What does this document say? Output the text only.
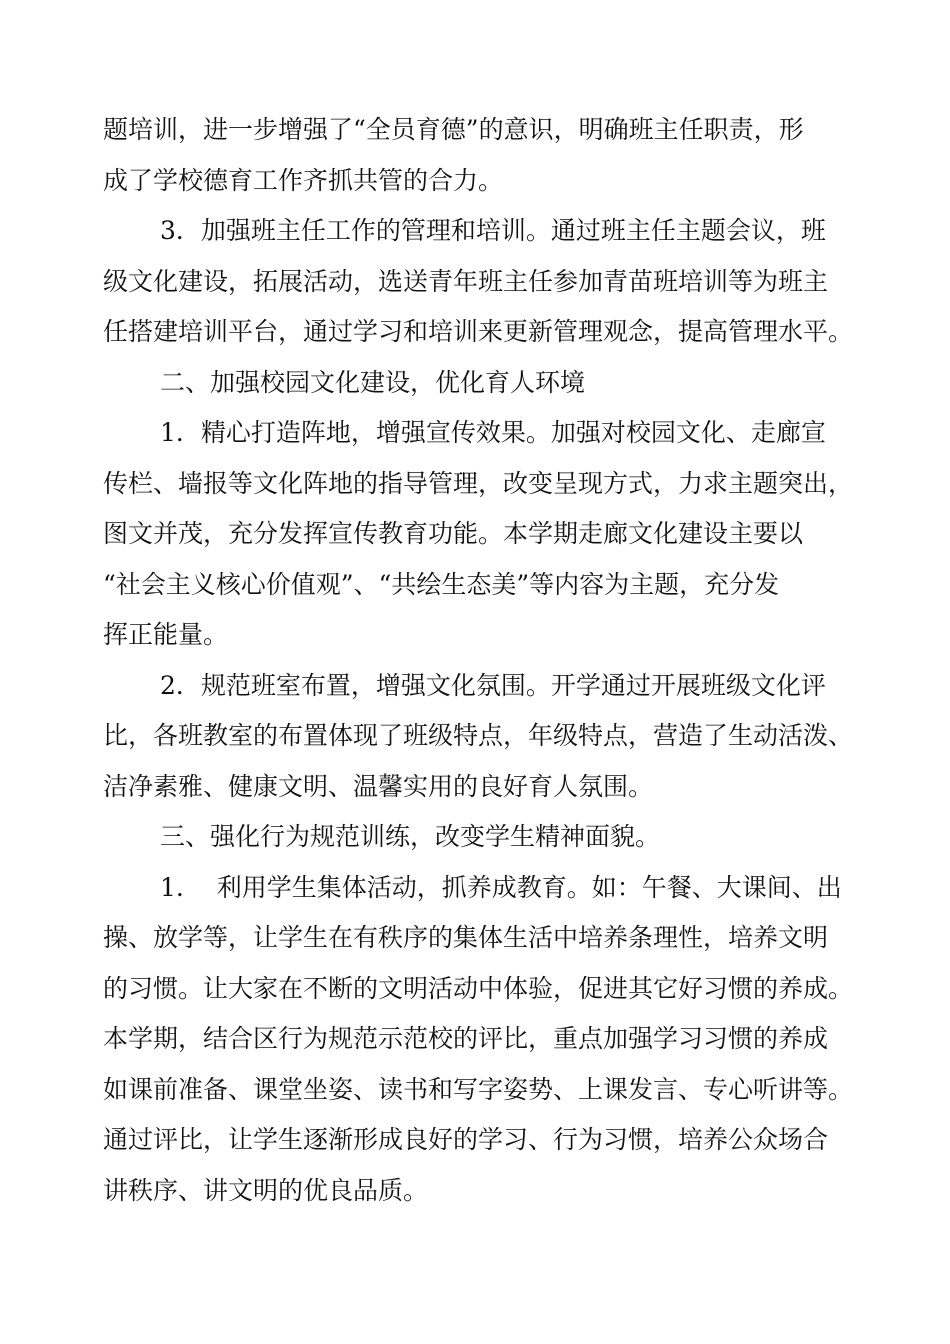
题培训，进一步增强了“全员育德”的意识，明确班主任职责，形
成了学校德育工作齐抓共管的合力。
3．加强班主任工作的管理和培训。通过班主任主题会议，班
级文化建设，拓展活动，选送青年班主任参加青苗班培训等为班主
任搭建培训平台，通过学习和培训来更新管理观念，提高管理水平。
二、加强校园文化建设，优化育人环境
1．精心打造阵地，增强宣传效果。加强对校园文化、走廊宣
传栏、墙报等文化阵地的指导管理，改变呈现方式，力求主题突出，
图文并茂，充分发挥宣传教育功能。本学期走廊文化建设主要以
“社会主义核心价值观”、“共绘生态美”等内容为主题，充分发
挥正能量。
2．规范班室布置，增强文化氛围。开学通过开展班级文化评
比，各班教室的布置体现了班级特点，年级特点，营造了生动活泼、
洁净素雅、健康文明、温馨实用的良好育人氛围。
三、强化行为规范训练，改变学生精神面貌。
1.　 利用学生集体活动，抓养成教育。如：午餐、大课间、出
操、放学等，让学生在有秩序的集体生活中培养条理性，培养文明
的习惯。让大家在不断的文明活动中体验，促进其它好习惯的养成。
本学期，结合区行为规范示范校的评比，重点加强学习习惯的养成
如课前准备、课堂坐姿、读书和写字姿势、上课发言、专心听讲等。
通过评比，让学生逐渐形成良好的学习、行为习惯，培养公众场合
讲秩序、讲文明的优良品质。
